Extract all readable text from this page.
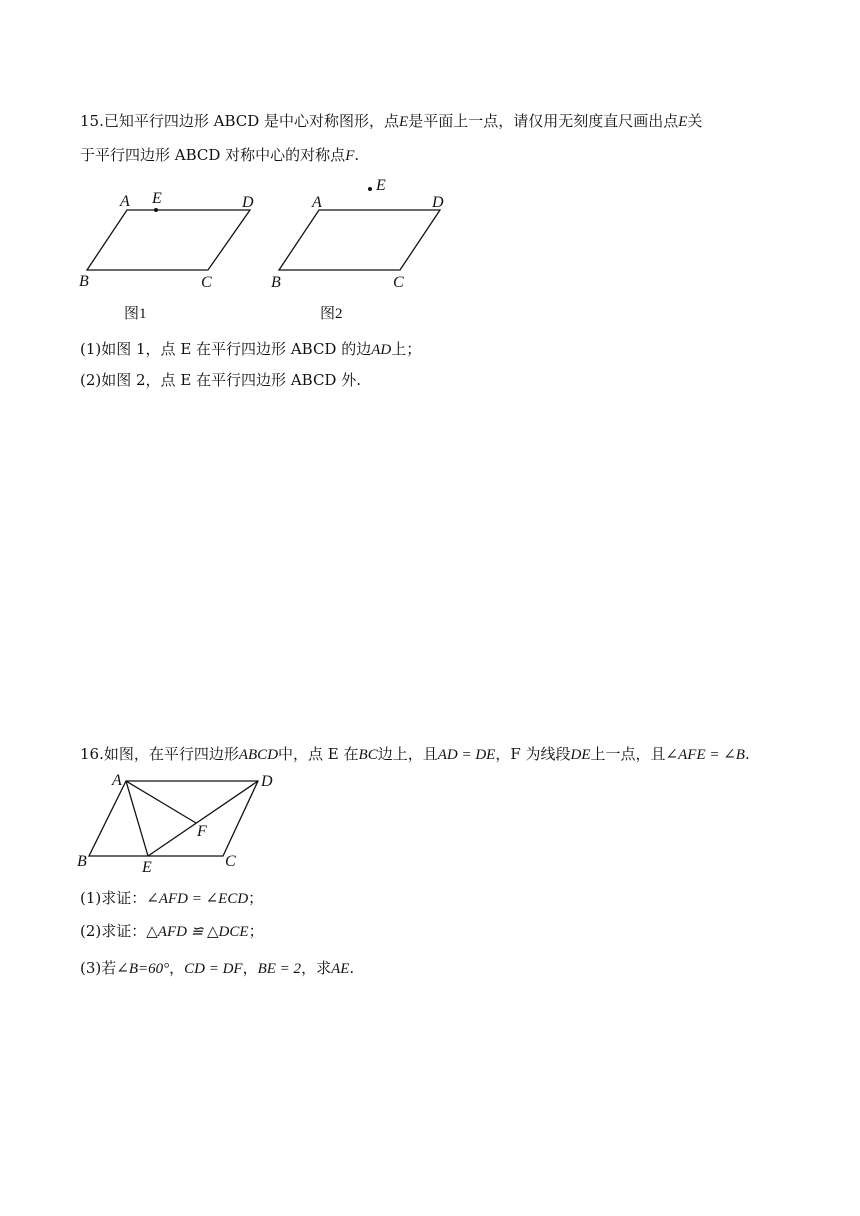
15.已知平行四边形 ABCD 是中心对称图形，点E是平面上一点，请仅用无刻度直尺画出点E关
于平行四边形 ABCD 对称中心的对称点F.
A E	D
B	C
图1
E
A	D
B	C
图2
(1)如图 1，点 E 在平行四边形 ABCD 的边AD上；
(2)如图 2，点 E 在平行四边形 ABCD 外.
16.如图，在平行四边形ABCD中，点 E 在BC边上，且AD = DE，F 为线段DE上一点，且∠AFE = ∠B.
A	D
F
B	E	C
(1)求证：∠AFD = ∠ECD；
(2)求证：△AFD ≌ △DCE；
(3)若∠B=60°，CD = DF，BE = 2，求AE.
